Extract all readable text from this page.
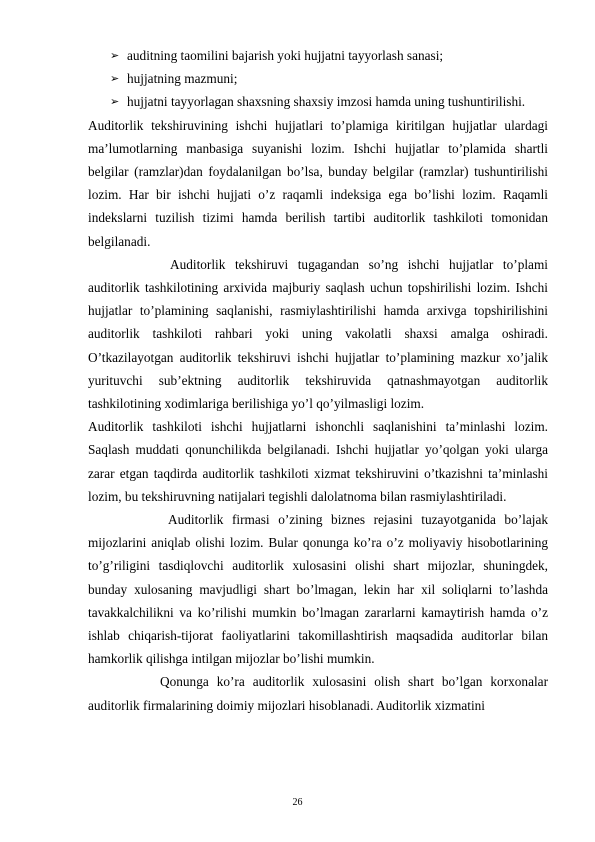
➢ auditning taomilini bajarish yoki hujjatni tayyorlash sanasi;
➢ hujjatning mazmuni;
➢ hujjatni tayyorlagan shaxsning shaxsiy imzosi hamda uning tushuntirilishi.

Auditorlik tekshiruvining ishchi hujjatlari to’plamiga kiritilgan hujjatlar ulardagi ma’lumotlarning manbasiga suyanishi lozim. Ishchi hujjatlar to’plamida shartli belgilar (ramzlar)dan foydalanilgan bo’lsa, bunday belgilar (ramzlar) tushuntirilishi lozim. Har bir ishchi hujjati o’z raqamli indeksiga ega bo’lishi lozim. Raqamli indekslarni tuzilish tizimi hamda berilish tartibi auditorlik tashkiloti tomonidan belgilanadi.

Auditorlik tekshiruvi tugagandan so’ng ishchi hujjatlar to’plami auditorlik tashkilotining arxivida majburiy saqlash uchun topshirilishi lozim. Ishchi hujjatlar to’plamining saqlanishi, rasmiylashtirilishi hamda arxivga topshirilishini auditorlik tashkiloti rahbari yoki uning vakolatli shaxsi amalga oshiradi. O’tkazilayotgan auditorlik tekshiruvi ishchi hujjatlar to’plamining mazkur xo’jalik yurituvchi sub’ektning auditorlik tekshiruvida qatnashmayotgan auditorlik tashkilotining xodimlariga berilishiga yo’l qo’yilmasligi lozim.

Auditorlik tashkiloti ishchi hujjatlarni ishonchli saqlanishini ta’minlashi lozim. Saqlash muddati qonunchilikda belgilanadi. Ishchi hujjatlar yo’qolgan yoki ularga zarar etgan taqdirda auditorlik tashkiloti xizmat tekshiruvini o’tkazishni ta’minlashi lozim, bu tekshiruvning natijalari tegishli dalolatnoma bilan rasmiylashtiriladi.

Auditorlik firmasi o’zining biznes rejasini tuzayotganida bo’lajak mijozlarini aniqlab olishi lozim. Bular qonunga ko’ra o’z moliyaviy hisobotlarining to’g’riligini tasdiqlovchi auditorlik xulosasini olishi shart mijozlar, shuningdek, bunday xulosaning mavjudligi shart bo’lmagan, lekin har xil soliqlarni to’lashda tavakkalchilikni va ko’rilishi mumkin bo’lmagan zararlarni kamaytirish hamda o’z ishlab chiqarish-tijorat faoliyatlarini takomillashtirish maqsadida auditorlar bilan hamkorlik qilishga intilgan mijozlar bo’lishi mumkin.

Qonunga ko’ra auditorlik xulosasini olish shart bo’lgan korxonalar auditorlik firmalarining doimiy mijozlari hisoblanadi. Auditorlik xizmatini

26
